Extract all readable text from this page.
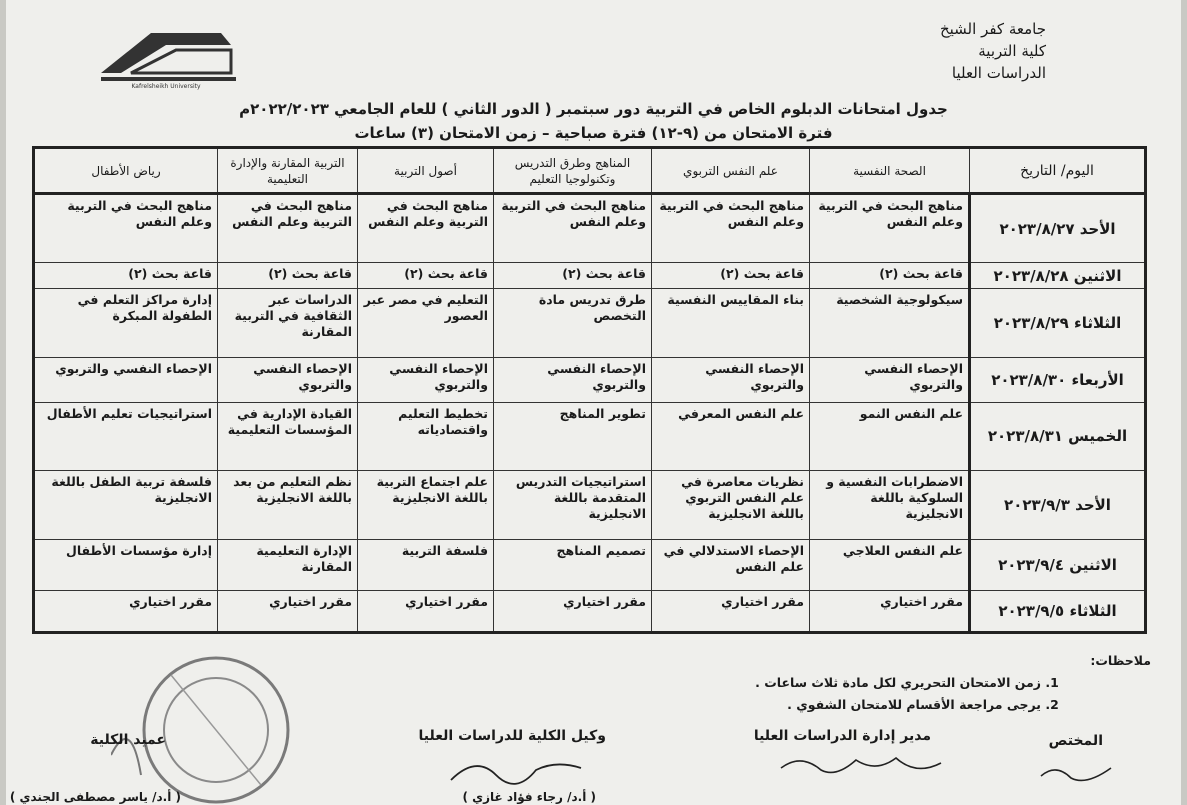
جامعة كفر الشيخ
كلية التربية
الدراسات العليا
Kafrelsheikh University
جدول امتحانات الدبلوم الخاص في التربية دور سبتمبر ( الدور الثاني ) للعام الجامعي ٢٠٢٢/٢٠٢٣م
فترة الامتحان من (٩-١٢) فترة صباحية – زمن الامتحان (٣) ساعات
اليوم/ التاريخ	الصحة النفسية	علم النفس التربوي	المناهج وطرق التدريس وتكنولوجيا التعليم	أصول التربية	التربية المقارنة والإدارة التعليمية	رياض الأطفال
الأحد ٢٠٢٣/٨/٢٧	مناهج البحث في التربية وعلم النفس	مناهج البحث في التربية وعلم النفس	مناهج البحث في التربية وعلم النفس	مناهج البحث في التربية وعلم النفس	مناهج البحث في التربية وعلم النفس	مناهج البحث في التربية وعلم النفس
الاثنين ٢٠٢٣/٨/٢٨	قاعة بحث (٢)	قاعة بحث (٢)	قاعة بحث (٢)	قاعة بحث (٢)	قاعة بحث (٢)	قاعة بحث (٢)
الثلاثاء ٢٠٢٣/٨/٢٩	سيكولوجية الشخصية	بناء المقاييس النفسية	طرق تدريس مادة التخصص	التعليم في مصر عبر العصور	الدراسات عبر الثقافية في التربية المقارنة	إدارة مراكز التعلم في الطفولة المبكرة
الأربعاء ٢٠٢٣/٨/٣٠	الإحصاء النفسي والتربوي	الإحصاء النفسي والتربوي	الإحصاء النفسي والتربوي	الإحصاء النفسي والتربوي	الإحصاء النفسي والتربوي	الإحصاء النفسي والتربوي
الخميس ٢٠٢٣/٨/٣١	علم النفس النمو	علم النفس المعرفي	تطوير المناهج	تخطيط التعليم واقتصادياته	القيادة الإدارية في المؤسسات التعليمية	استراتيجيات تعليم الأطفال
الأحد ٢٠٢٣/٩/٣	الاضطرابات النفسية و السلوكية باللغة الانجليزية	نظريات معاصرة في علم النفس التربوي باللغة الانجليزية	استراتيجيات التدريس المتقدمة باللغة الانجليزية	علم اجتماع التربية باللغة الانجليزية	نظم التعليم من بعد باللغة الانجليزية	فلسفة تربية الطفل باللغة الانجليزية
الاثنين ٢٠٢٣/٩/٤	علم النفس العلاجي	الإحصاء الاستدلالي في علم النفس	تصميم المناهج	فلسفة التربية	الإدارة التعليمية المقارنة	إدارة مؤسسات الأطفال
الثلاثاء ٢٠٢٣/٩/٥	مقرر اختياري	مقرر اختياري	مقرر اختياري	مقرر اختياري	مقرر اختياري	مقرر اختياري
ملاحظات:
1. زمن الامتحان التحريري لكل مادة ثلاث ساعات .
2. يرجى مراجعة الأقسام للامتحان الشفوي .
المختص
مدير إدارة الدراسات العليا
وكيل الكلية للدراسات العليا
( أ.د/ رجاء فؤاد غازي )
عميد الكلية
( أ.د/ ياسر مصطفى الجندي )
